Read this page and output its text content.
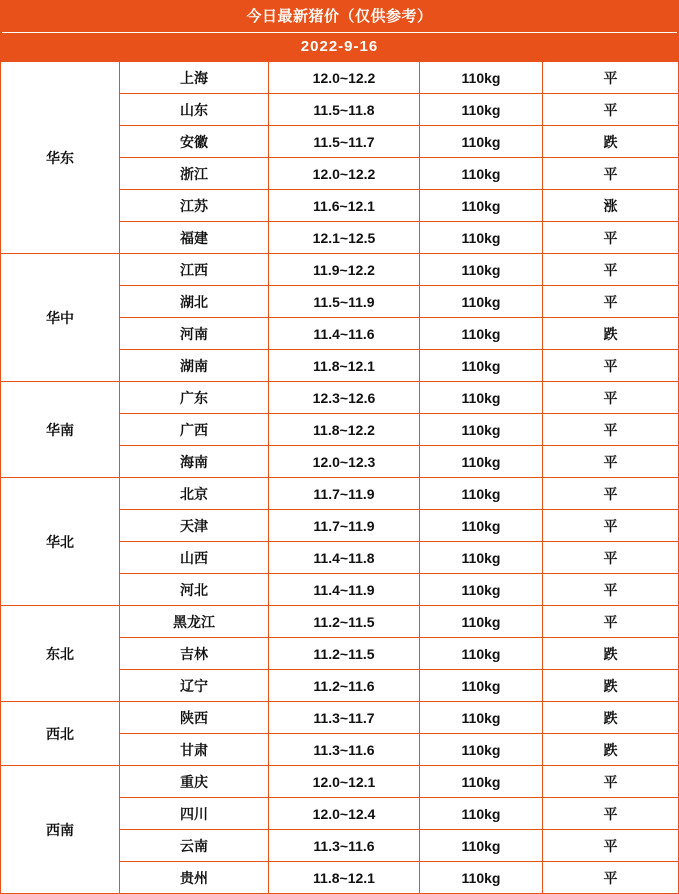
今日最新猪价（仅供参考）
2022-9-16
华东	上海	12.0~12.2	110kg	平
	山东	11.5~11.8	110kg	平
	安徽	11.5~11.7	110kg	跌
	浙江	12.0~12.2	110kg	平
	江苏	11.6~12.1	110kg	涨
	福建	12.1~12.5	110kg	平
华中	江西	11.9~12.2	110kg	平
	湖北	11.5~11.9	110kg	平
	河南	11.4~11.6	110kg	跌
	湖南	11.8~12.1	110kg	平
华南	广东	12.3~12.6	110kg	平
	广西	11.8~12.2	110kg	平
	海南	12.0~12.3	110kg	平
华北	北京	11.7~11.9	110kg	平
	天津	11.7~11.9	110kg	平
	山西	11.4~11.8	110kg	平
	河北	11.4~11.9	110kg	平
东北	黑龙江	11.2~11.5	110kg	平
	吉林	11.2~11.5	110kg	跌
	辽宁	11.2~11.6	110kg	跌
西北	陕西	11.3~11.7	110kg	跌
	甘肃	11.3~11.6	110kg	跌
西南	重庆	12.0~12.1	110kg	平
	四川	12.0~12.4	110kg	平
	云南	11.3~11.6	110kg	平
	贵州	11.8~12.1	110kg	平
